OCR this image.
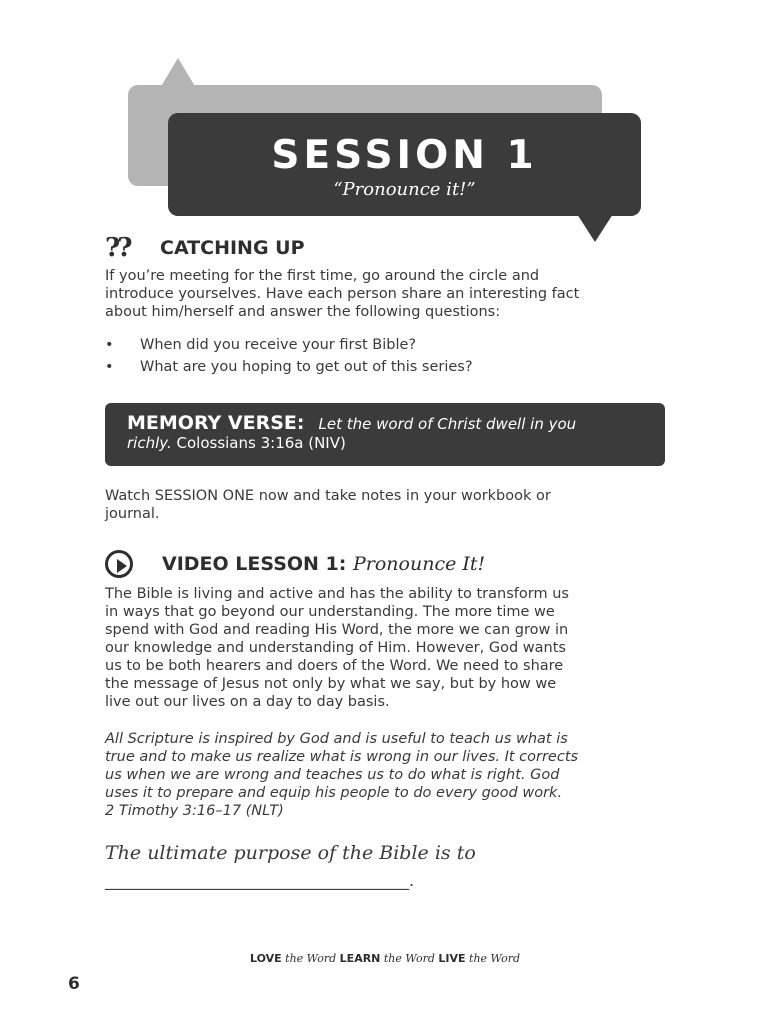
SESSION 1
“Pronounce it!”
?? CATCHING UP
If you’re meeting for the first time, go around the circle and
introduce yourselves. Have each person share an interesting fact
about him/herself and answer the following questions:
• When did you receive your first Bible?
• What are you hoping to get out of this series?
MEMORY VERSE: Let the word of Christ dwell in you
richly. Colossians 3:16a (NIV)
Watch SESSION ONE now and take notes in your workbook or
journal.
VIDEO LESSON 1: Pronounce It!
The Bible is living and active and has the ability to transform us
in ways that go beyond our understanding. The more time we
spend with God and reading His Word, the more we can grow in
our knowledge and understanding of Him. However, God wants
us to be both hearers and doers of the Word. We need to share
the message of Jesus not only by what we say, but by how we
live out our lives on a day to day basis.
All Scripture is inspired by God and is useful to teach us what is
true and to make us realize what is wrong in our lives. It corrects
us when we are wrong and teaches us to do what is right. God
uses it to prepare and equip his people to do every good work.
2 Timothy 3:16–17 (NLT)
The ultimate purpose of the Bible is to
______________________________________.
LOVE the Word LEARN the Word LIVE the Word
6
